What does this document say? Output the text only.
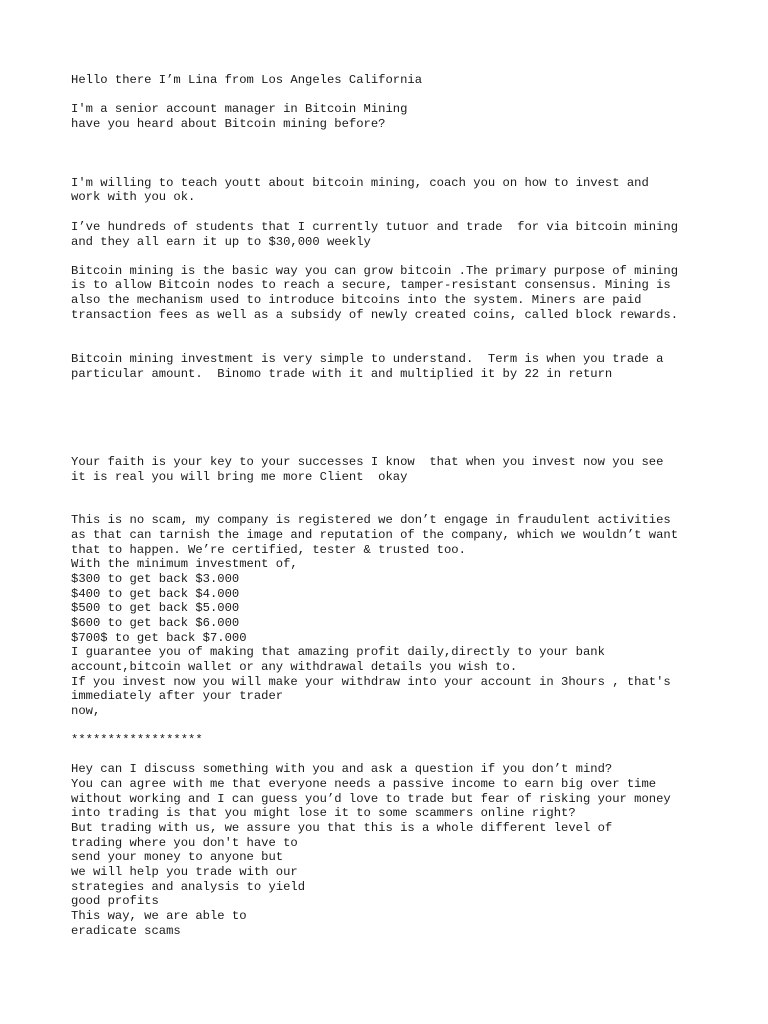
Hello there I’m Lina from Los Angeles California

I'm a senior account manager in Bitcoin Mining

have you heard about Bitcoin mining before?

I'm willing to teach youtt about bitcoin mining, coach you on how to invest and

work with you ok.

I’ve hundreds of students that I currently tutuor and trade  for via bitcoin mining

and they all earn it up to $30,000 weekly

Bitcoin mining is the basic way you can grow bitcoin .The primary purpose of mining

is to allow Bitcoin nodes to reach a secure, tamper-resistant consensus. Mining is

also the mechanism used to introduce bitcoins into the system. Miners are paid

transaction fees as well as a subsidy of newly created coins, called block rewards.

Bitcoin mining investment is very simple to understand.  Term is when you trade a

particular amount.  Binomo trade with it and multiplied it by 22 in return

Your faith is your key to your successes I know  that when you invest now you see

it is real you will bring me more Client  okay

This is no scam, my company is registered we don’t engage in fraudulent activities

as that can tarnish the image and reputation of the company, which we wouldn’t want

that to happen. We’re certified, tester & trusted too.

With the minimum investment of,

$300 to get back $3.000

$400 to get back $4.000

$500 to get back $5.000

$600 to get back $6.000

$700$ to get back $7.000

I guarantee you of making that amazing profit daily,directly to your bank

account,bitcoin wallet or any withdrawal details you wish to.

If you invest now you will make your withdraw into your account in 3hours , that's

immediately after your trader

now,

******************

Hey can I discuss something with you and ask a question if you don’t mind?

You can agree with me that everyone needs a passive income to earn big over time

without working and I can guess you’d love to trade but fear of risking your money

into trading is that you might lose it to some scammers online right?

But trading with us, we assure you that this is a whole different level of

trading where you don't have to

send your money to anyone but

we will help you trade with our

strategies and analysis to yield

good profits

This way, we are able to

eradicate scams
